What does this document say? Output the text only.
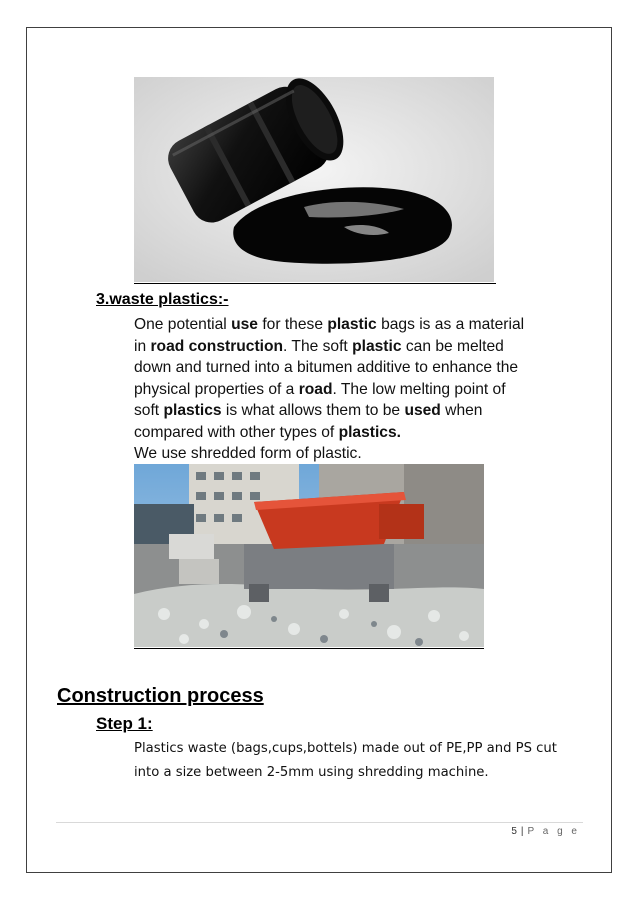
3.waste plastics:-
One potential use for these plastic bags is as a material
in road construction. The soft plastic can be melted
down and turned into a bitumen additive to enhance the
physical properties of a road. The low melting point of
soft plastics is what allows them to be used when
compared with other types of plastics.
We use shredded form of plastic.
Construction process
Step 1:
Plastics waste (bags,cups,bottels) made out of PE,PP and PS cut
into a size between 2-5mm using shredding machine.
5 | P a g e
